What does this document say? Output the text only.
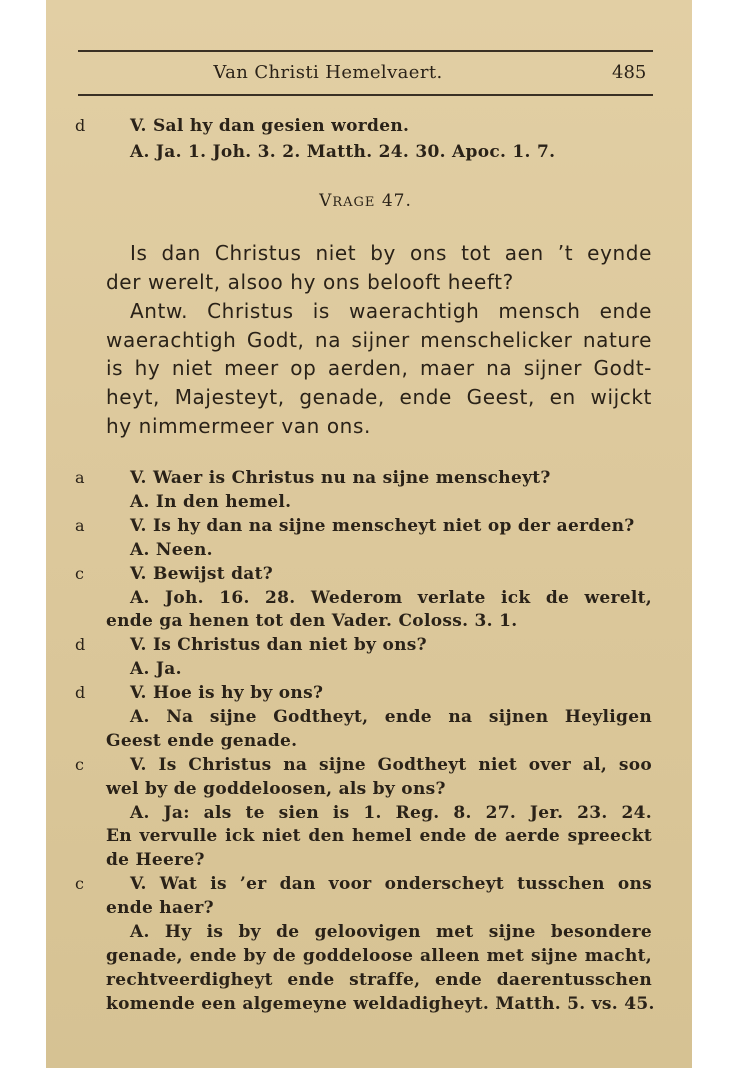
Van Christi Hemelvaert.	485
d	V. Sal hy dan gesien worden.
A. Ja. 1. Joh. 3. 2. Matth. 24. 30. Apoc. 1. 7.
VRAGE 47.
Is dan Christus niet by ons tot aen ’t eynde
der werelt, alsoo hy ons belooft heeft?
Antw. Christus is waerachtigh mensch ende
waerachtigh Godt, na sijner menschelicker nature
is hy niet meer op aerden, maer na sijner Godt-
heyt, Majesteyt, genade, ende Geest, en wijckt
hy nimmermeer van ons.
a	V. Waer is Christus nu na sijne menscheyt?
A. In den hemel.
a	V. Is hy dan na sijne menscheyt niet op der aerden?
A. Neen.
c	V. Bewijst dat?
A. Joh. 16. 28. Wederom verlate ick de werelt,
ende ga henen tot den Vader. Coloss. 3. 1.
d	V. Is Christus dan niet by ons?
A. Ja.
d	V. Hoe is hy by ons?
A. Na sijne Godtheyt, ende na sijnen Heyligen
Geest ende genade.
c	V. Is Christus na sijne Godtheyt niet over al, soo
wel by de goddeloosen, als by ons?
A. Ja: als te sien is 1. Reg. 8. 27. Jer. 23. 24.
En vervulle ick niet den hemel ende de aerde spreeckt
de Heere?
c	V. Wat is ’er dan voor onderscheyt tusschen ons
ende haer?
A. Hy is by de geloovigen met sijne besondere
genade, ende by de goddeloose alleen met sijne macht,
rechtveerdigheyt ende straffe, ende daerentusschen
komende een algemeyne weldadigheyt. Matth. 5. vs. 45.
